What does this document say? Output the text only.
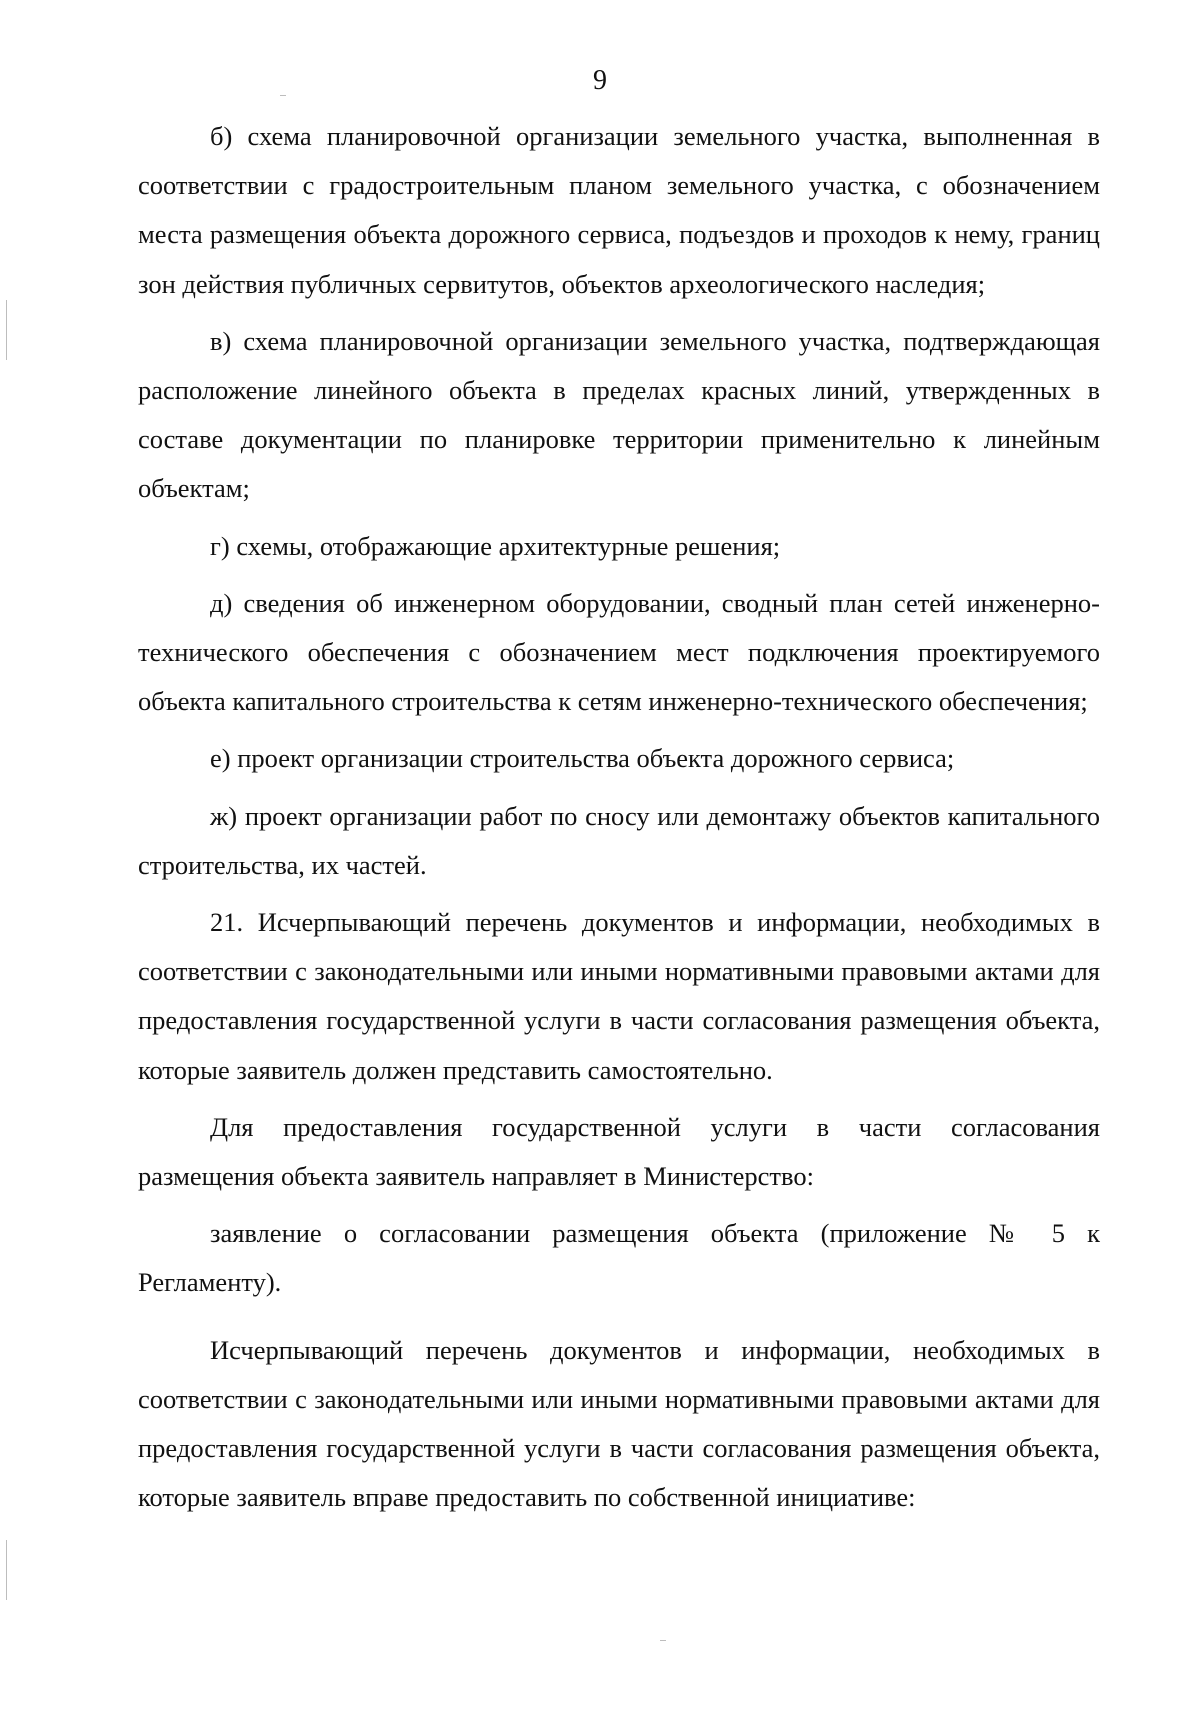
9

б) схема планировочной организации земельного участка, выполненная в соответствии с градостроительным планом земельного участка, с обозначением места размещения объекта дорожного сервиса, подъездов и проходов к нему, границ зон действия публичных сервитутов, объектов археологического наследия;

в) схема планировочной организации земельного участка, подтверждающая расположение линейного объекта в пределах красных линий, утвержденных в составе документации по планировке территории применительно к линейным объектам;

г) схемы, отображающие архитектурные решения;

д) сведения об инженерном оборудовании, сводный план сетей инженерно-технического обеспечения с обозначением мест подключения проектируемого объекта капитального строительства к сетям инженерно-технического обеспечения;

е) проект организации строительства объекта дорожного сервиса;

ж) проект организации работ по сносу или демонтажу объектов капитального строительства, их частей.

21. Исчерпывающий перечень документов и информации, необходимых в соответствии с законодательными или иными нормативными правовыми актами для предоставления государственной услуги в части согласования размещения объекта, которые заявитель должен представить самостоятельно.

Для предоставления государственной услуги в части согласования размещения объекта заявитель направляет в Министерство:

заявление о согласовании размещения объекта (приложение № 5 к Регламенту).

Исчерпывающий перечень документов и информации, необходимых в соответствии с законодательными или иными нормативными правовыми актами для предоставления государственной услуги в части согласования размещения объекта, которые заявитель вправе предоставить по собственной инициативе:
